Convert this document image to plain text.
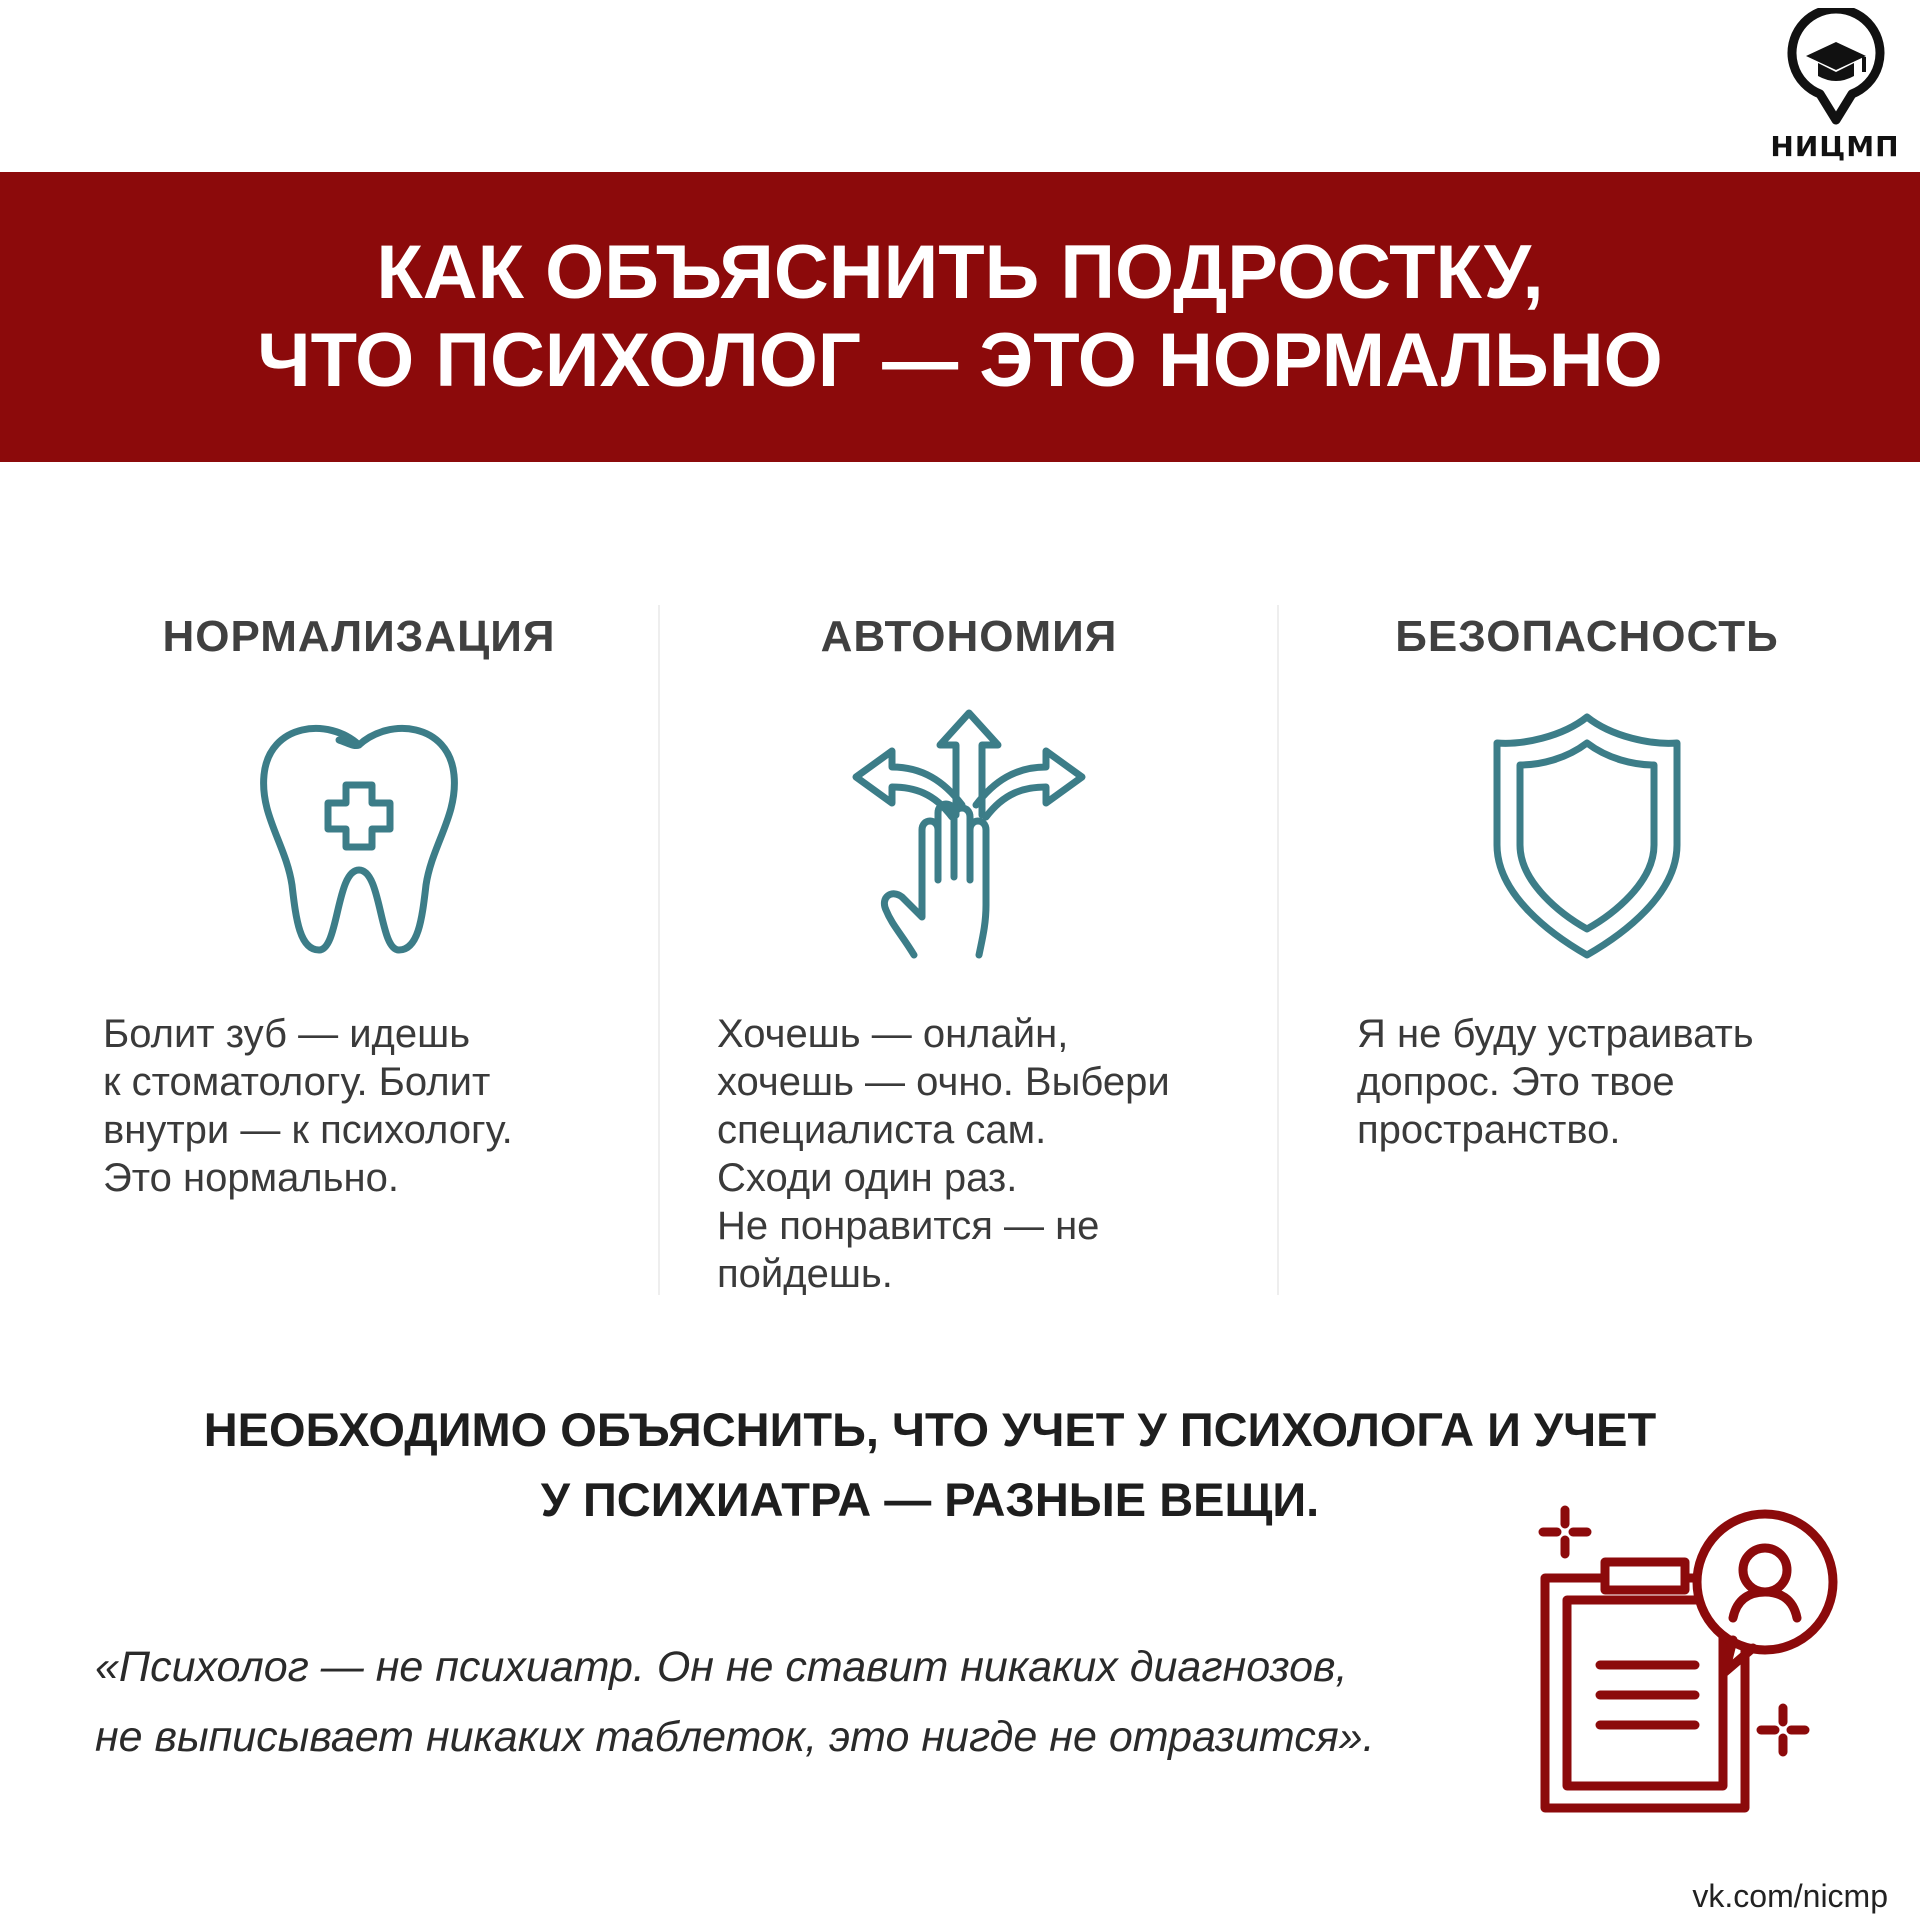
НИЦМП
КАК ОБЪЯСНИТЬ ПОДРОСТКУ,
ЧТО ПСИХОЛОГ — ЭТО НОРМАЛЬНО
НОРМАЛИЗАЦИЯ
Болит зуб — идешь
к стоматологу. Болит
внутри — к психологу.
Это нормально.
АВТОНОМИЯ
Хочешь — онлайн,
хочешь — очно. Выбери
специалиста сам.
Сходи один раз.
Не понравится — не
пойдешь.
БЕЗОПАСНОСТЬ
Я не буду устраивать
допрос. Это твое
пространство.
НЕОБХОДИМО ОБЪЯСНИТЬ, ЧТО УЧЕТ У ПСИХОЛОГА И УЧЕТ
У ПСИХИАТРА — РАЗНЫЕ ВЕЩИ.
«Психолог — не психиатр. Он не ставит никаких диагнозов,
не выписывает никаких таблеток, это нигде не отразится».
vk.com/nicmp
